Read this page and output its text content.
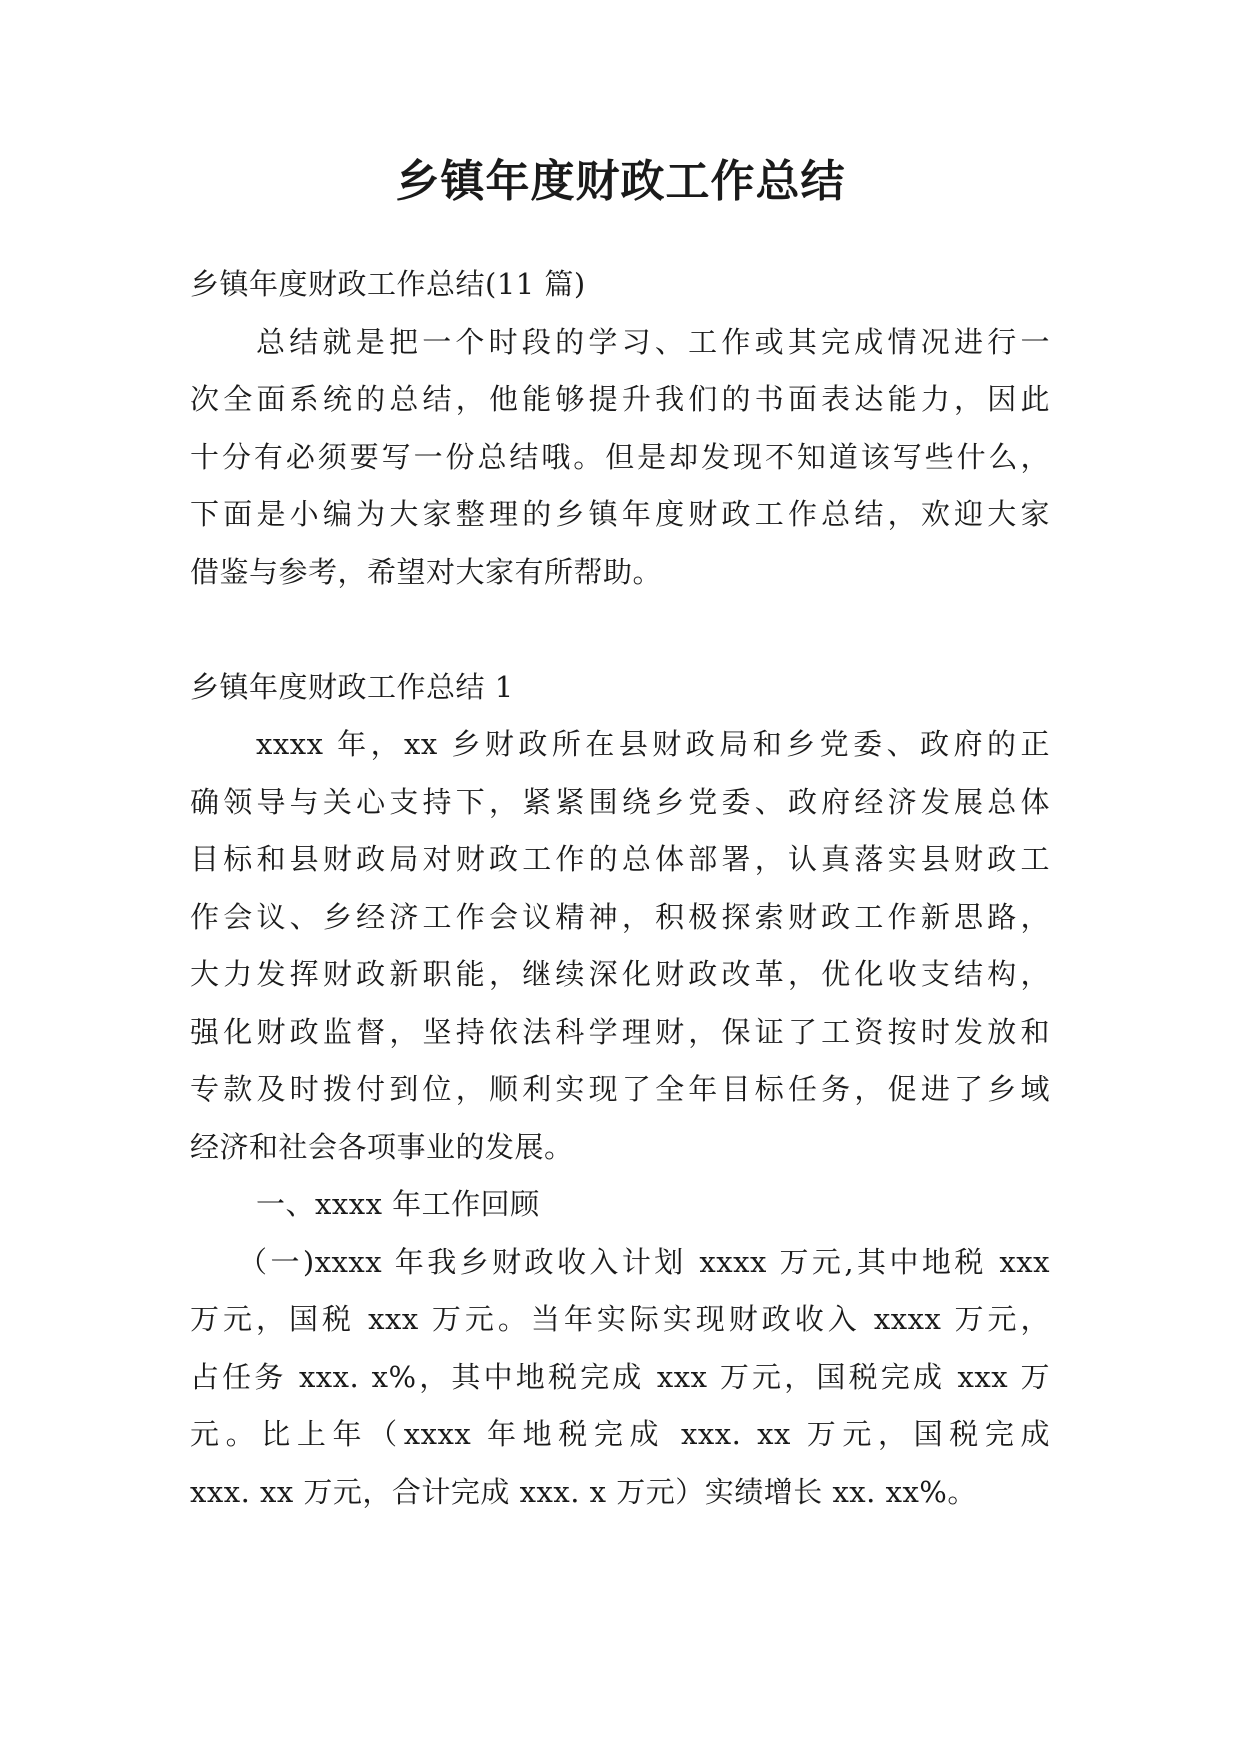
乡镇年度财政工作总结
乡镇年度财政工作总结(11 篇)
总结就是把一个时段的学习、工作或其完成情况进行一
次全面系统的总结，他能够提升我们的书面表达能力，因此
十分有必须要写一份总结哦。但是却发现不知道该写些什么，
下面是小编为大家整理的乡镇年度财政工作总结，欢迎大家
借鉴与参考，希望对大家有所帮助。
乡镇年度财政工作总结 1
xxxx 年，xx 乡财政所在县财政局和乡党委、政府的正
确领导与关心支持下，紧紧围绕乡党委、政府经济发展总体
目标和县财政局对财政工作的总体部署，认真落实县财政工
作会议、乡经济工作会议精神，积极探索财政工作新思路，
大力发挥财政新职能，继续深化财政改革，优化收支结构，
强化财政监督，坚持依法科学理财，保证了工资按时发放和
专款及时拨付到位，顺利实现了全年目标任务，促进了乡域
经济和社会各项事业的发展。
一、xxxx 年工作回顾
（一)xxxx 年我乡财政收入计划 xxxx 万元,其中地税 xxx
万元，国税 xxx 万元。当年实际实现财政收入 xxxx 万元，
占任务 xxx. x%，其中地税完成 xxx 万元，国税完成 xxx 万
元。比上年（xxxx 年地税完成 xxx. xx 万元，国税完成
xxx. xx 万元，合计完成 xxx. x 万元）实绩增长 xx. xx%。
